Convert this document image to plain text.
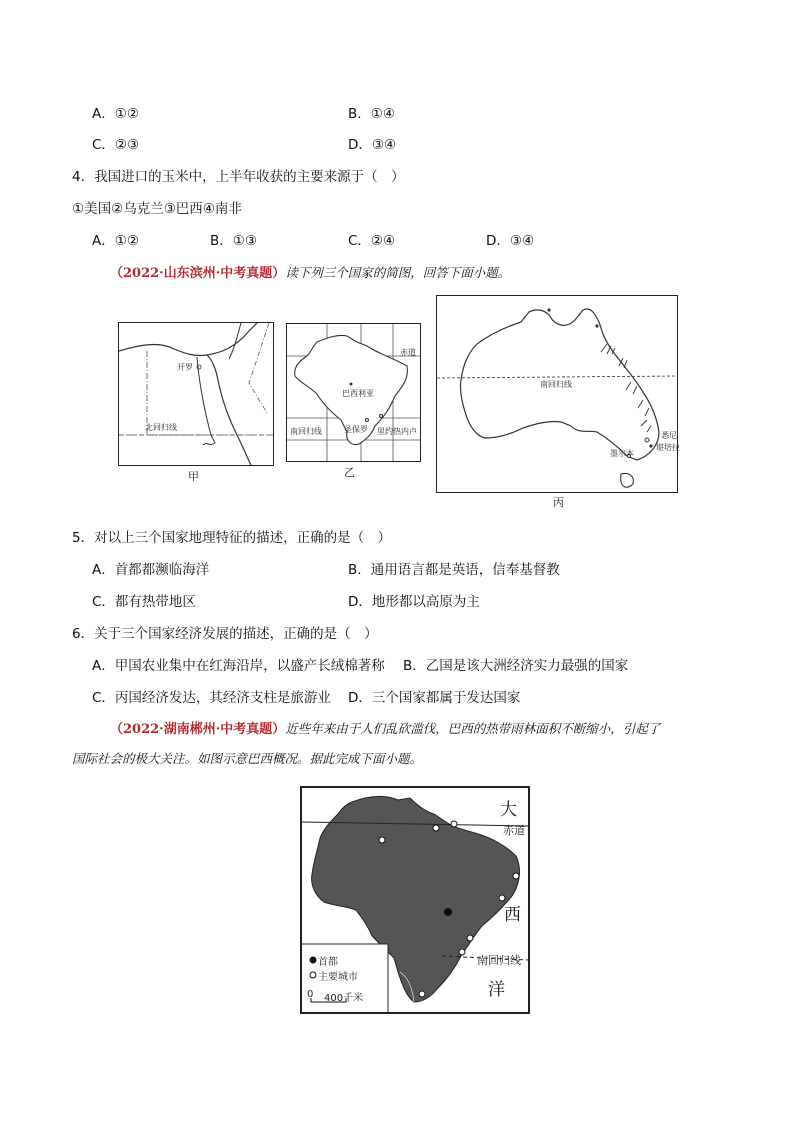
A．①②	B．①④
C．②③	D．③④
4．我国进口的玉米中，上半年收获的主要来源于（　）
①美国②乌克兰③巴西④南非
A．①②	B．①③	C．②④	D．③④
（2022·山东滨州·中考真题）读下列三个国家的简图，回答下面小题。
开罗
北回归线
甲
赤道
巴西利亚
南回归线	圣保罗 里约热内卢
乙
南回归线
墨尔本
悉尼
堪培拉
丙
5．对以上三个国家地理特征的描述，正确的是（　）
A．首都都濒临海洋	B．通用语言都是英语，信奉基督教
C．都有热带地区	D．地形都以高原为主
6．关于三个国家经济发展的描述，正确的是（　）
A．甲国农业集中在红海沿岸，以盛产长绒棉著称 B．乙国是该大洲经济实力最强的国家
C．丙国经济发达，其经济支柱是旅游业 D．三个国家都属于发达国家
（2022·湖南郴州·中考真题）近些年来由于人们乱砍滥伐，巴西的热带雨林面积不断缩小，引起了
国际社会的极大关注。如图示意巴西概况。据此完成下面小题。
大
赤道
西
南回归线
洋
首都
主要城市
0 400千米
